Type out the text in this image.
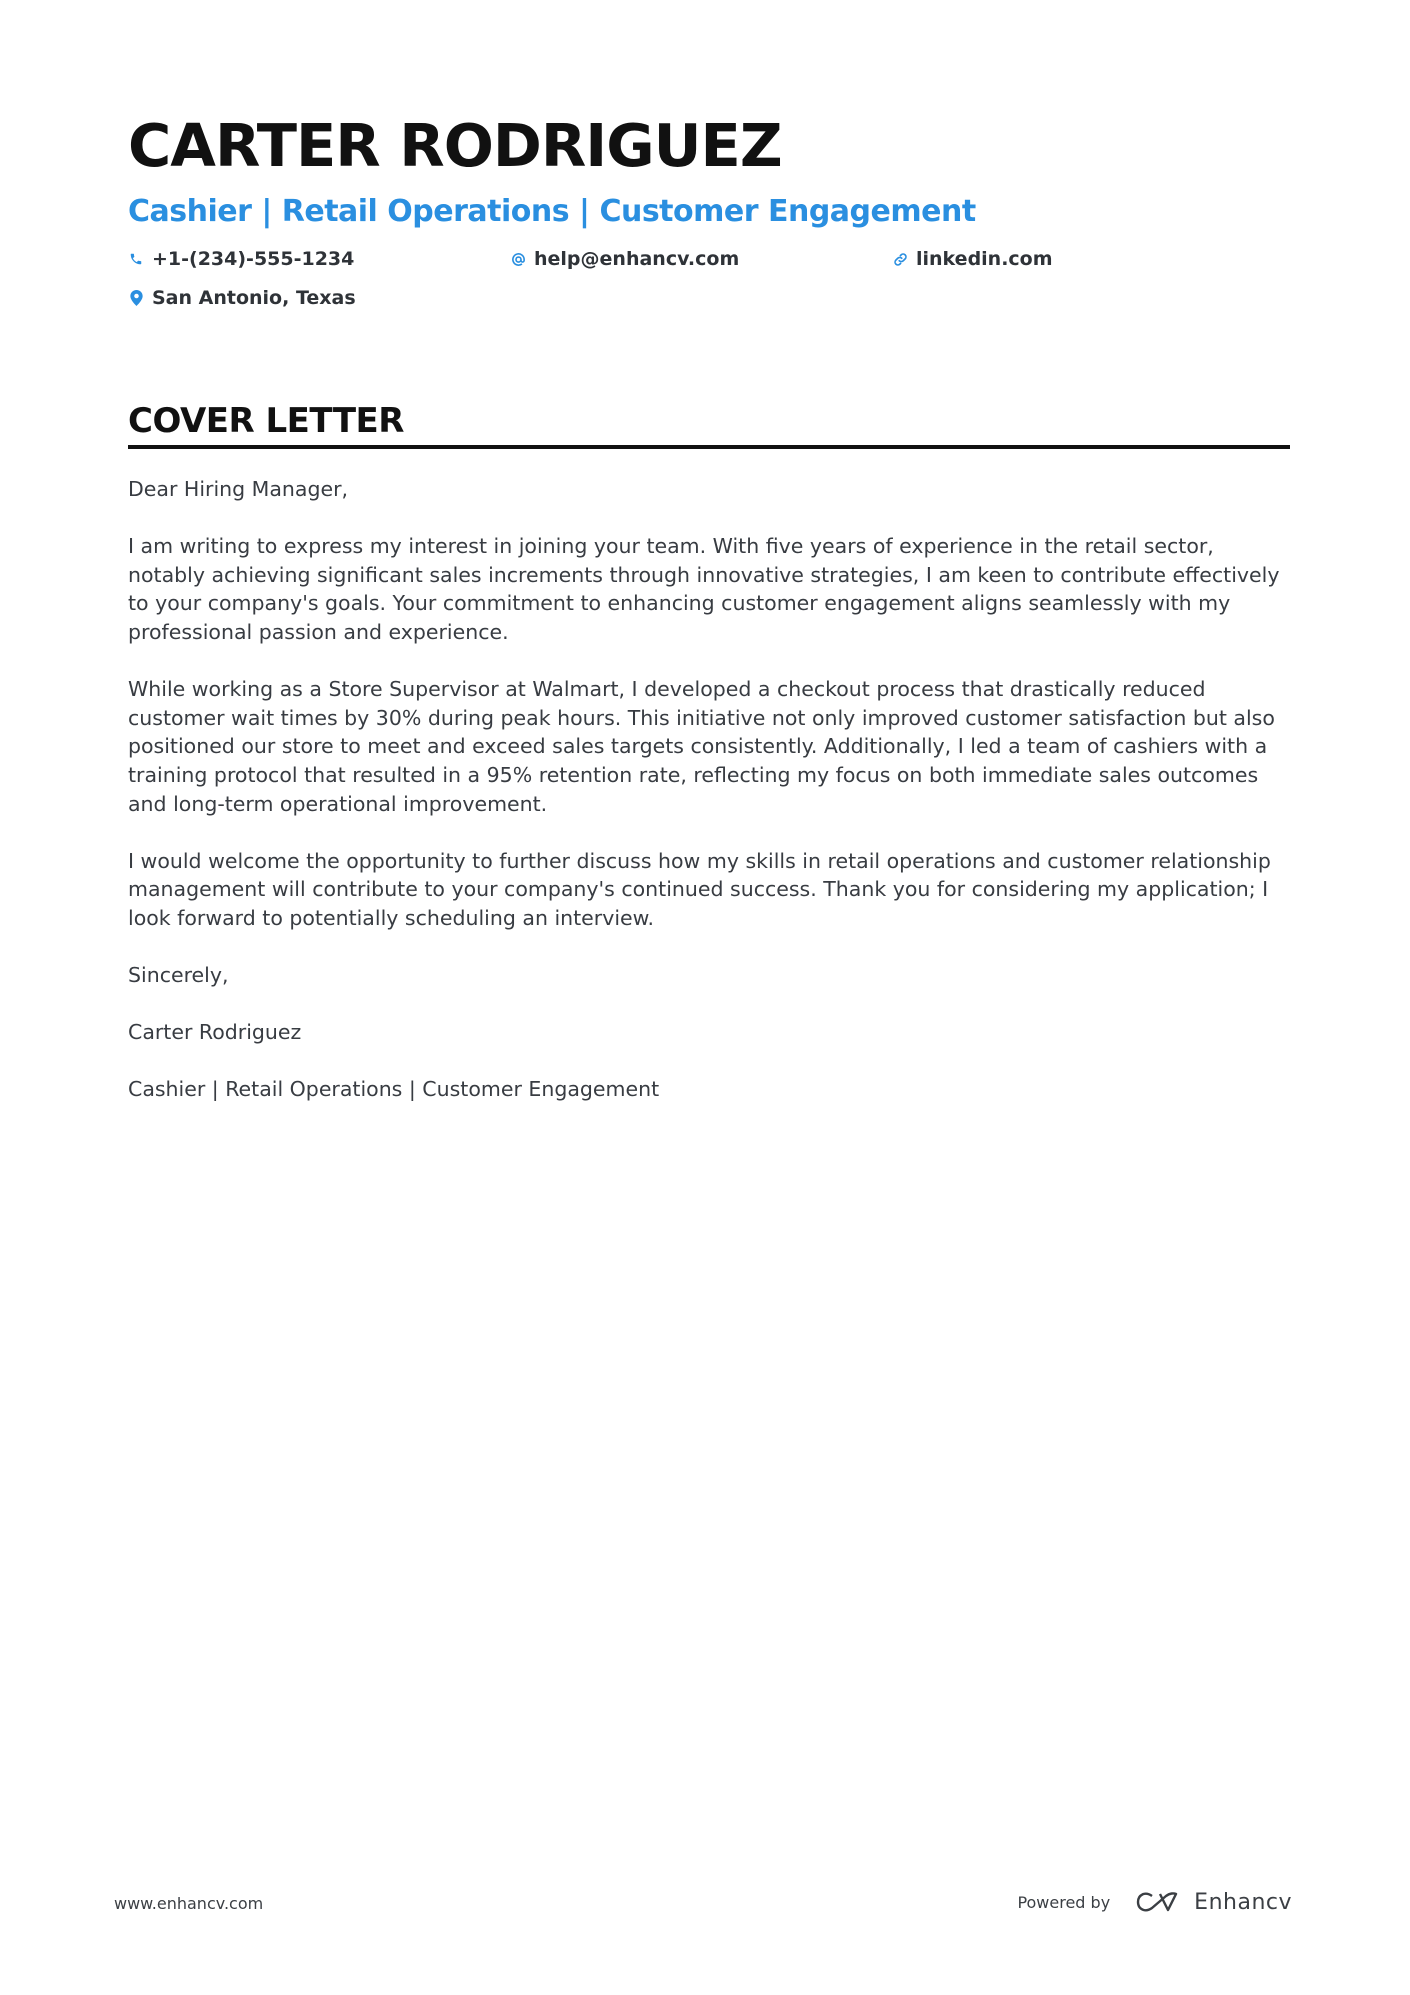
CARTER RODRIGUEZ
Cashier | Retail Operations | Customer Engagement
+1-(234)-555-1234	help@enhancv.com	linkedin.com
San Antonio, Texas
COVER LETTER

Dear Hiring Manager,

I am writing to express my interest in joining your team. With five years of experience in the retail sector, notably achieving significant sales increments through innovative strategies, I am keen to contribute effectively to your company's goals. Your commitment to enhancing customer engagement aligns seamlessly with my professional passion and experience.

While working as a Store Supervisor at Walmart, I developed a checkout process that drastically reduced customer wait times by 30% during peak hours. This initiative not only improved customer satisfaction but also positioned our store to meet and exceed sales targets consistently. Additionally, I led a team of cashiers with a training protocol that resulted in a 95% retention rate, reflecting my focus on both immediate sales outcomes and long-term operational improvement.

I would welcome the opportunity to further discuss how my skills in retail operations and customer relationship management will contribute to your company's continued success. Thank you for considering my application; I look forward to potentially scheduling an interview.

Sincerely,

Carter Rodriguez

Cashier | Retail Operations | Customer Engagement

www.enhancv.com	Powered by	Enhancv
